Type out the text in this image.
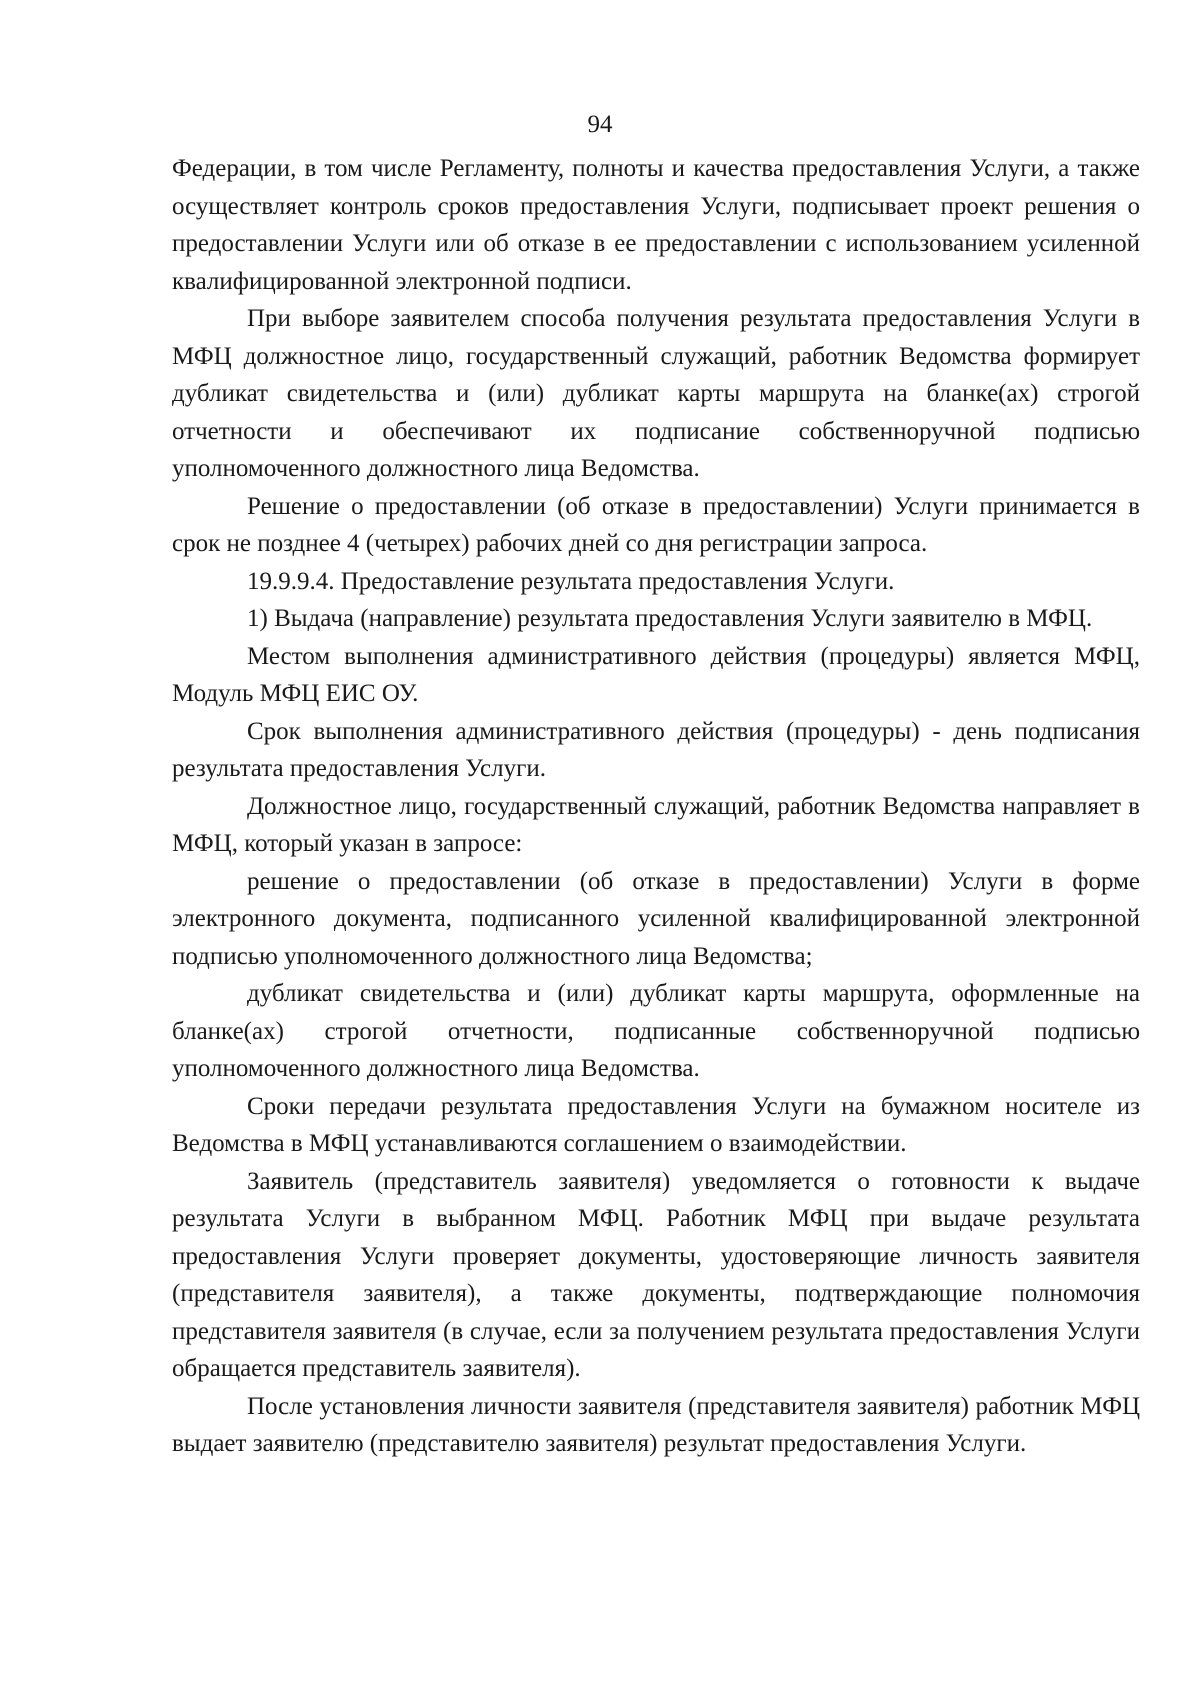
94

Федерации, в том числе Регламенту, полноты и качества предоставления Услуги, а также осуществляет контроль сроков предоставления Услуги, подписывает проект решения о предоставлении Услуги или об отказе в ее предоставлении с использованием усиленной квалифицированной электронной подписи.

При выборе заявителем способа получения результата предоставления Услуги в МФЦ должностное лицо, государственный служащий, работник Ведомства формирует дубликат свидетельства и (или) дубликат карты маршрута на бланке(ах) строгой отчетности и обеспечивают их подписание собственноручной подписью уполномоченного должностного лица Ведомства.

Решение о предоставлении (об отказе в предоставлении) Услуги принимается в срок не позднее 4 (четырех) рабочих дней со дня регистрации запроса.

19.9.9.4. Предоставление результата предоставления Услуги.

1) Выдача (направление) результата предоставления Услуги заявителю в МФЦ.

Местом выполнения административного действия (процедуры) является МФЦ, Модуль МФЦ ЕИС ОУ.

Срок выполнения административного действия (процедуры) - день подписания результата предоставления Услуги.

Должностное лицо, государственный служащий, работник Ведомства направляет в МФЦ, который указан в запросе:

решение о предоставлении (об отказе в предоставлении) Услуги в форме электронного документа, подписанного усиленной квалифицированной электронной подписью уполномоченного должностного лица Ведомства;

дубликат свидетельства и (или) дубликат карты маршрута, оформленные на бланке(ах) строгой отчетности, подписанные собственноручной подписью уполномоченного должностного лица Ведомства.

Сроки передачи результата предоставления Услуги на бумажном носителе из Ведомства в МФЦ устанавливаются соглашением о взаимодействии.

Заявитель (представитель заявителя) уведомляется о готовности к выдаче результата Услуги в выбранном МФЦ. Работник МФЦ при выдаче результата предоставления Услуги проверяет документы, удостоверяющие личность заявителя (представителя заявителя), а также документы, подтверждающие полномочия представителя заявителя (в случае, если за получением результата предоставления Услуги обращается представитель заявителя).

После установления личности заявителя (представителя заявителя) работник МФЦ выдает заявителю (представителю заявителя) результат предоставления Услуги.
